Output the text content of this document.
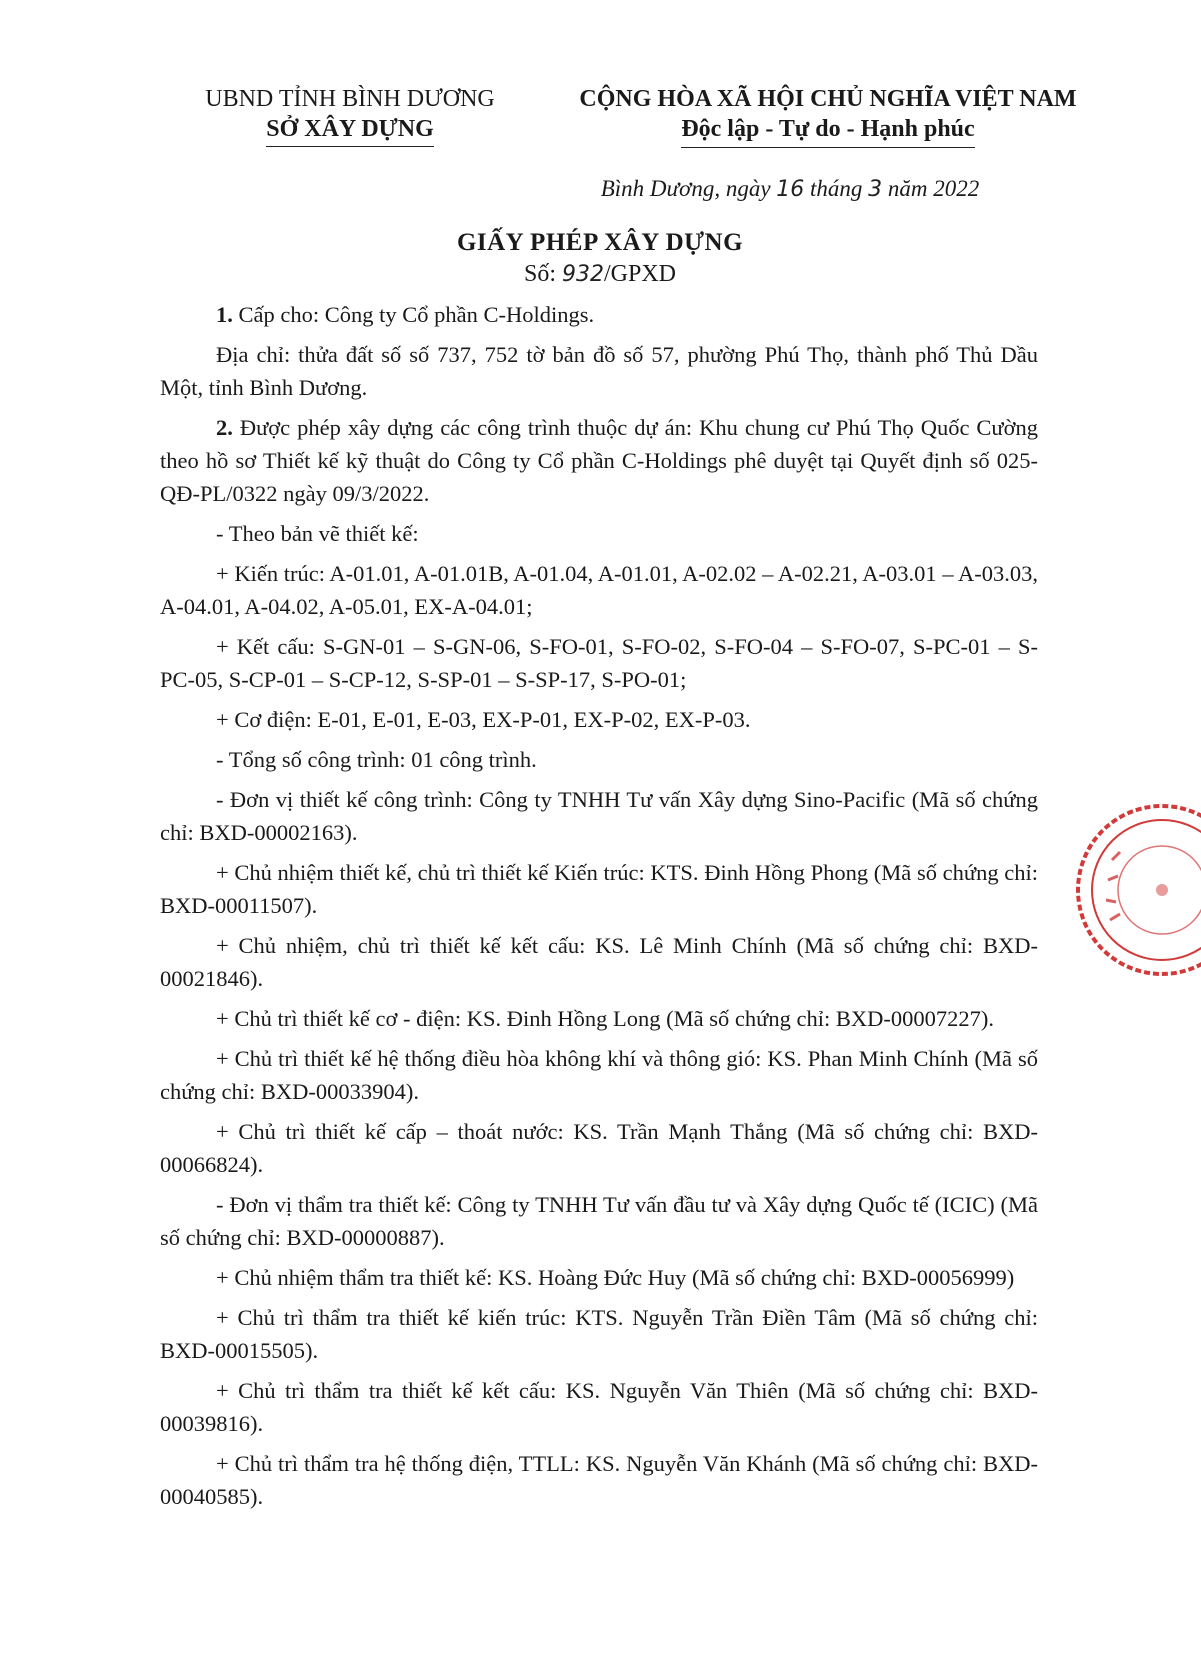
UBND TỈNH BÌNH DƯƠNG
SỞ XÂY DỰNG
CỘNG HÒA XÃ HỘI CHỦ NGHĨA VIỆT NAM
Độc lập - Tự do - Hạnh phúc
Bình Dương, ngày 16 tháng 3 năm 2022
GIẤY PHÉP XÂY DỰNG
Số: 932/GPXD

1. Cấp cho: Công ty Cổ phần C-Holdings.

Địa chỉ: thửa đất số số 737, 752 tờ bản đồ số 57, phường Phú Thọ, thành phố Thủ Dầu Một, tỉnh Bình Dương.

2. Được phép xây dựng các công trình thuộc dự án: Khu chung cư Phú Thọ Quốc Cường theo hồ sơ Thiết kế kỹ thuật do Công ty Cổ phần C-Holdings phê duyệt tại Quyết định số 025-QĐ-PL/0322 ngày 09/3/2022.

- Theo bản vẽ thiết kế:

+ Kiến trúc: A-01.01, A-01.01B, A-01.04, A-01.01, A-02.02 – A-02.21, A-03.01 – A-03.03, A-04.01, A-04.02, A-05.01, EX-A-04.01;

+ Kết cấu: S-GN-01 – S-GN-06, S-FO-01, S-FO-02, S-FO-04 – S-FO-07, S-PC-01 – S-PC-05, S-CP-01 – S-CP-12, S-SP-01 – S-SP-17, S-PO-01;

+ Cơ điện: E-01, E-01, E-03, EX-P-01, EX-P-02, EX-P-03.

- Tổng số công trình: 01 công trình.

- Đơn vị thiết kế công trình: Công ty TNHH Tư vấn Xây dựng Sino-Pacific (Mã số chứng chỉ: BXD-00002163).

+ Chủ nhiệm thiết kế, chủ trì thiết kế Kiến trúc: KTS. Đinh Hồng Phong (Mã số chứng chỉ: BXD-00011507).

+ Chủ nhiệm, chủ trì thiết kế kết cấu: KS. Lê Minh Chính (Mã số chứng chỉ: BXD-00021846).

+ Chủ trì thiết kế cơ - điện: KS. Đinh Hồng Long (Mã số chứng chỉ: BXD-00007227).

+ Chủ trì thiết kế hệ thống điều hòa không khí và thông gió: KS. Phan Minh Chính (Mã số chứng chỉ: BXD-00033904).

+ Chủ trì thiết kế cấp – thoát nước: KS. Trần Mạnh Thắng (Mã số chứng chỉ: BXD-00066824).

- Đơn vị thẩm tra thiết kế: Công ty TNHH Tư vấn đầu tư và Xây dựng Quốc tế (ICIC) (Mã số chứng chỉ: BXD-00000887).

+ Chủ nhiệm thẩm tra thiết kế: KS. Hoàng Đức Huy (Mã số chứng chỉ: BXD-00056999)

+ Chủ trì thẩm tra thiết kế kiến trúc: KTS. Nguyễn Trần Điền Tâm (Mã số chứng chỉ: BXD-00015505).

+ Chủ trì thẩm tra thiết kế kết cấu: KS. Nguyễn Văn Thiên (Mã số chứng chỉ: BXD-00039816).

+ Chủ trì thẩm tra hệ thống điện, TTLL: KS. Nguyễn Văn Khánh (Mã số chứng chỉ: BXD-00040585).
